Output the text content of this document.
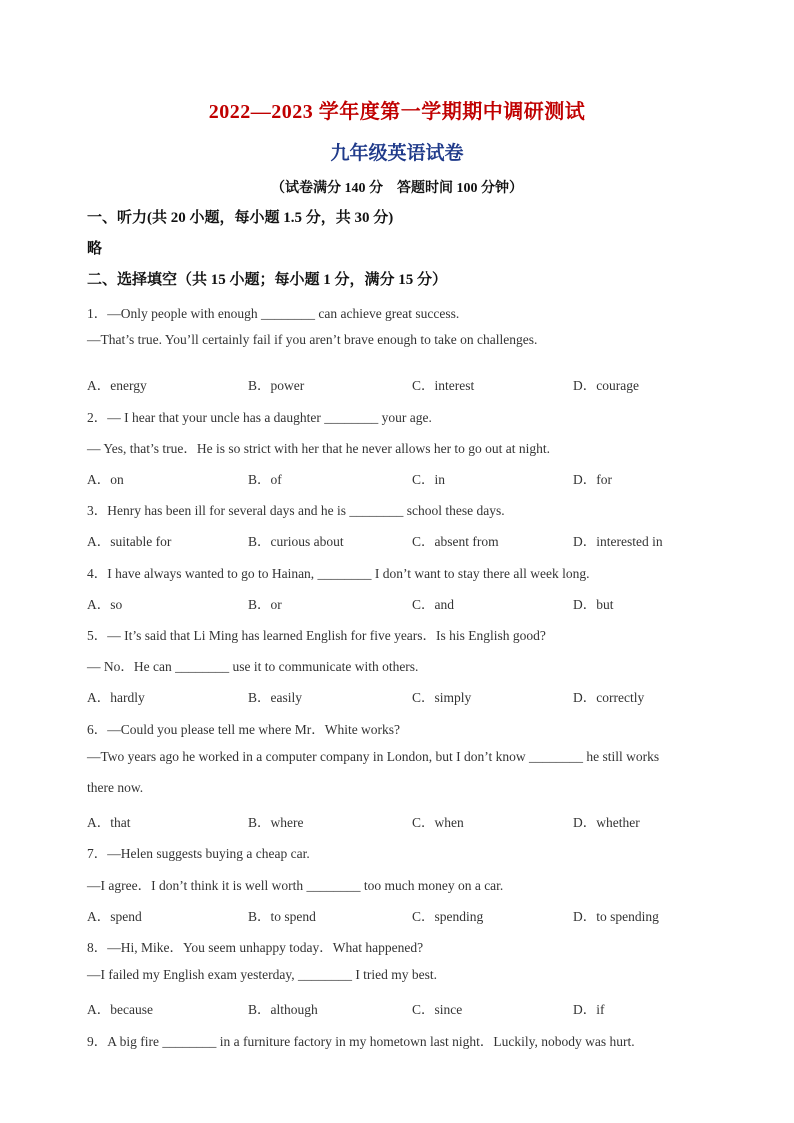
2022—2023 学年度第一学期期中调研测试
九年级英语试卷
（试卷满分 140 分　答题时间 100 分钟）
一、听力(共 20 小题，每小题 1.5 分，共 30 分)
略
二、选择填空（共 15 小题；每小题 1 分，满分 15 分）
1．—Only people with enough ________ can achieve great success.
—That’s true. You’ll certainly fail if you aren’t brave enough to take on challenges.
A．energy	B．power	C．interest	D．courage
2．— I hear that your uncle has a daughter ________ your age.
— Yes, that’s true．He is so strict with her that he never allows her to go out at night.
A．on	B．of	C．in	D．for
3．Henry has been ill for several days and he is ________ school these days.
A．suitable for	B．curious about	C．absent from	D．interested in
4．I have always wanted to go to Hainan, ________ I don’t want to stay there all week long.
A．so	B．or	C．and	D．but
5．— It’s said that Li Ming has learned English for five years．Is his English good?
— No．He can ________ use it to communicate with others.
A．hardly	B．easily	C．simply	D．correctly
6．—Could you please tell me where Mr．White works?
—Two years ago he worked in a computer company in London, but I don’t know ________ he still works
there now.
A．that	B．where	C．when	D．whether
7．—Helen suggests buying a cheap car.
—I agree．I don’t think it is well worth ________ too much money on a car.
A．spend	B．to spend	C．spending	D．to spending
8．—Hi, Mike．You seem unhappy today．What happened?
—I failed my English exam yesterday, ________ I tried my best.
A．because	B．although	C．since	D．if
9．A big fire ________ in a furniture factory in my hometown last night．Luckily, nobody was hurt.
